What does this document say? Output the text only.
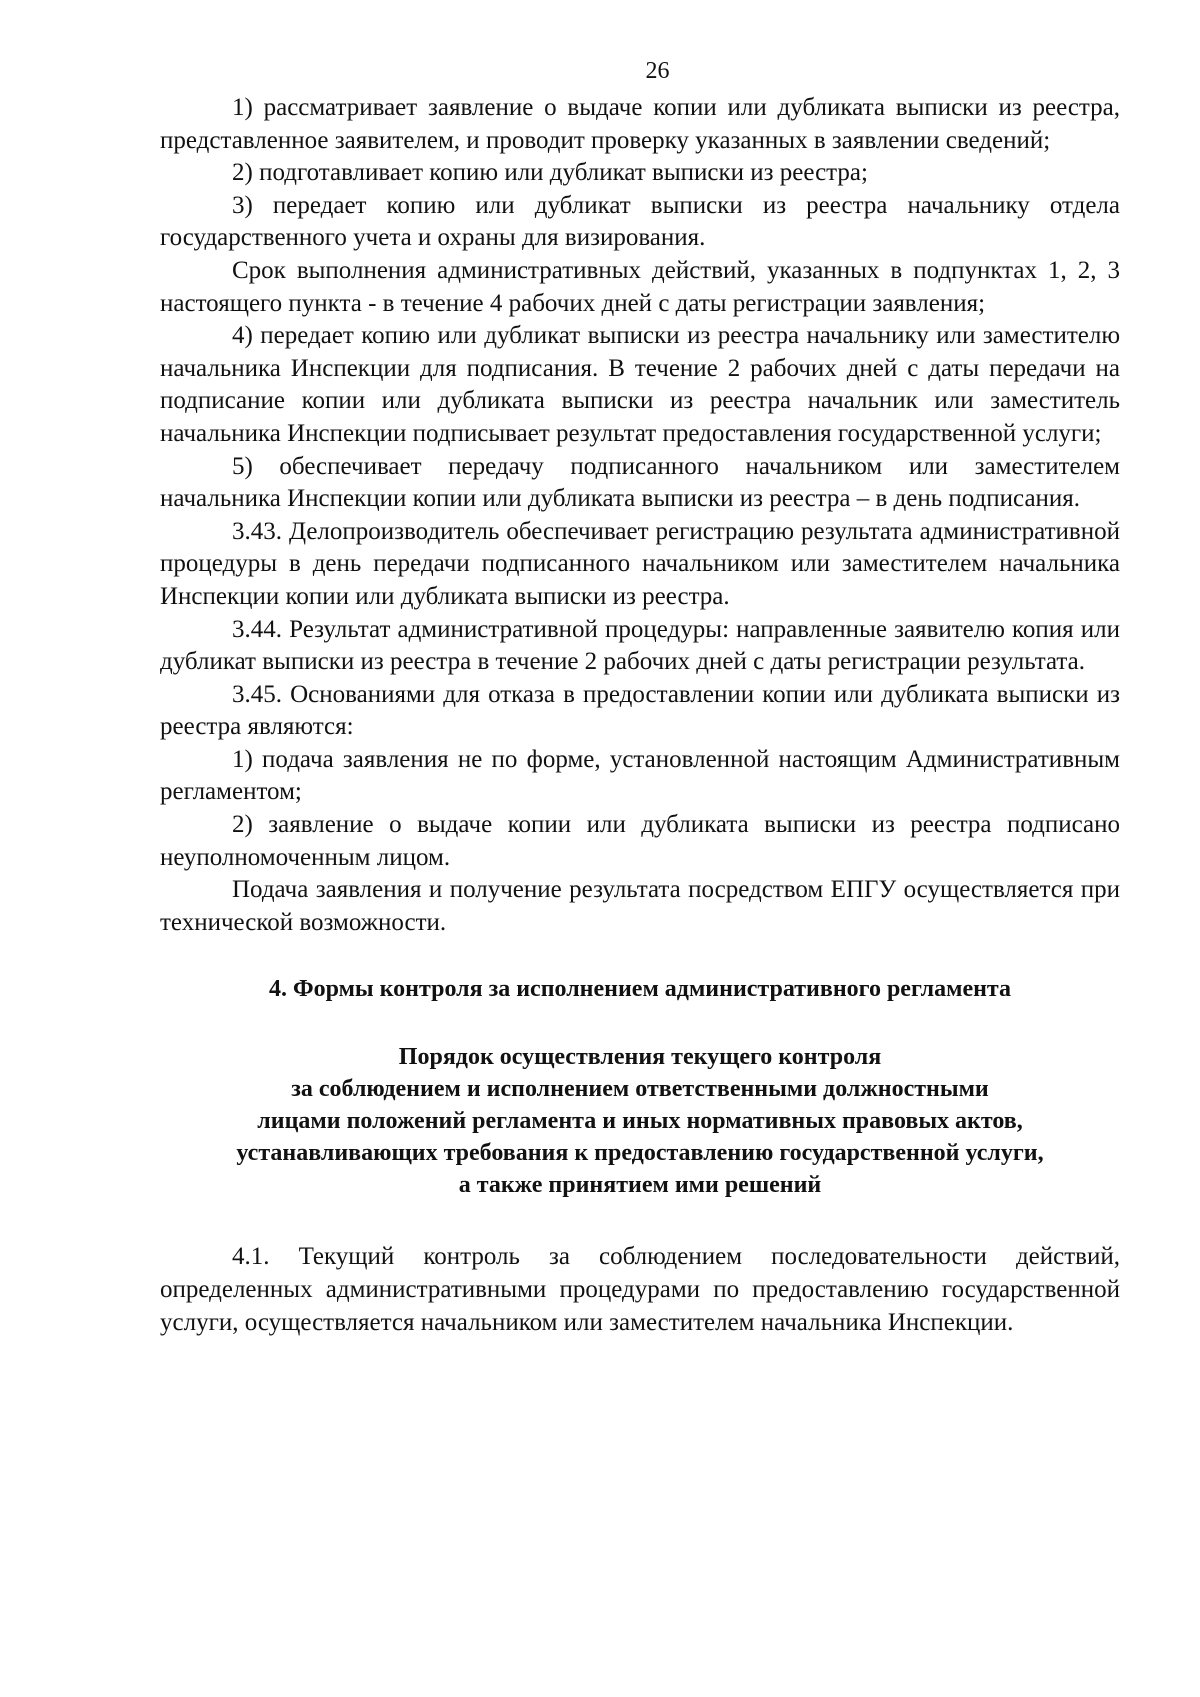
26

1) рассматривает заявление о выдаче копии или дубликата выписки из реестра, представленное заявителем, и проводит проверку указанных в заявлении сведений;

2) подготавливает копию или дубликат выписки из реестра;

3) передает копию или дубликат выписки из реестра начальнику отдела государственного учета и охраны для визирования.

Срок выполнения административных действий, указанных в подпунктах 1, 2, 3 настоящего пункта - в течение 4 рабочих дней с даты регистрации заявления;

4) передает копию или дубликат выписки из реестра начальнику или заместителю начальника Инспекции для подписания. В течение 2 рабочих дней с даты передачи на подписание копии или дубликата выписки из реестра начальник или заместитель начальника Инспекции подписывает результат предоставления государственной услуги;

5) обеспечивает передачу подписанного начальником или заместителем начальника Инспекции копии или дубликата выписки из реестра – в день подписания.

3.43. Делопроизводитель обеспечивает регистрацию результата административной процедуры в день передачи подписанного начальником или заместителем начальника Инспекции копии или дубликата выписки из реестра.

3.44. Результат административной процедуры: направленные заявителю копия или дубликат выписки из реестра в течение 2 рабочих дней с даты регистрации результата.

3.45. Основаниями для отказа в предоставлении копии или дубликата выписки из реестра являются:

1) подача заявления не по форме, установленной настоящим Административным регламентом;

2) заявление о выдаче копии или дубликата выписки из реестра подписано неуполномоченным лицом.

Подача заявления и получение результата посредством ЕПГУ осуществляется при технической возможности.

4. Формы контроля за исполнением административного регламента
Порядок осуществления текущего контроля
за соблюдением и исполнением ответственными должностными
лицами положений регламента и иных нормативных правовых актов,
устанавливающих требования к предоставлению государственной услуги,
а также принятием ими решений

4.1. Текущий контроль за соблюдением последовательности действий, определенных административными процедурами по предоставлению государственной услуги, осуществляется начальником или заместителем начальника Инспекции.
